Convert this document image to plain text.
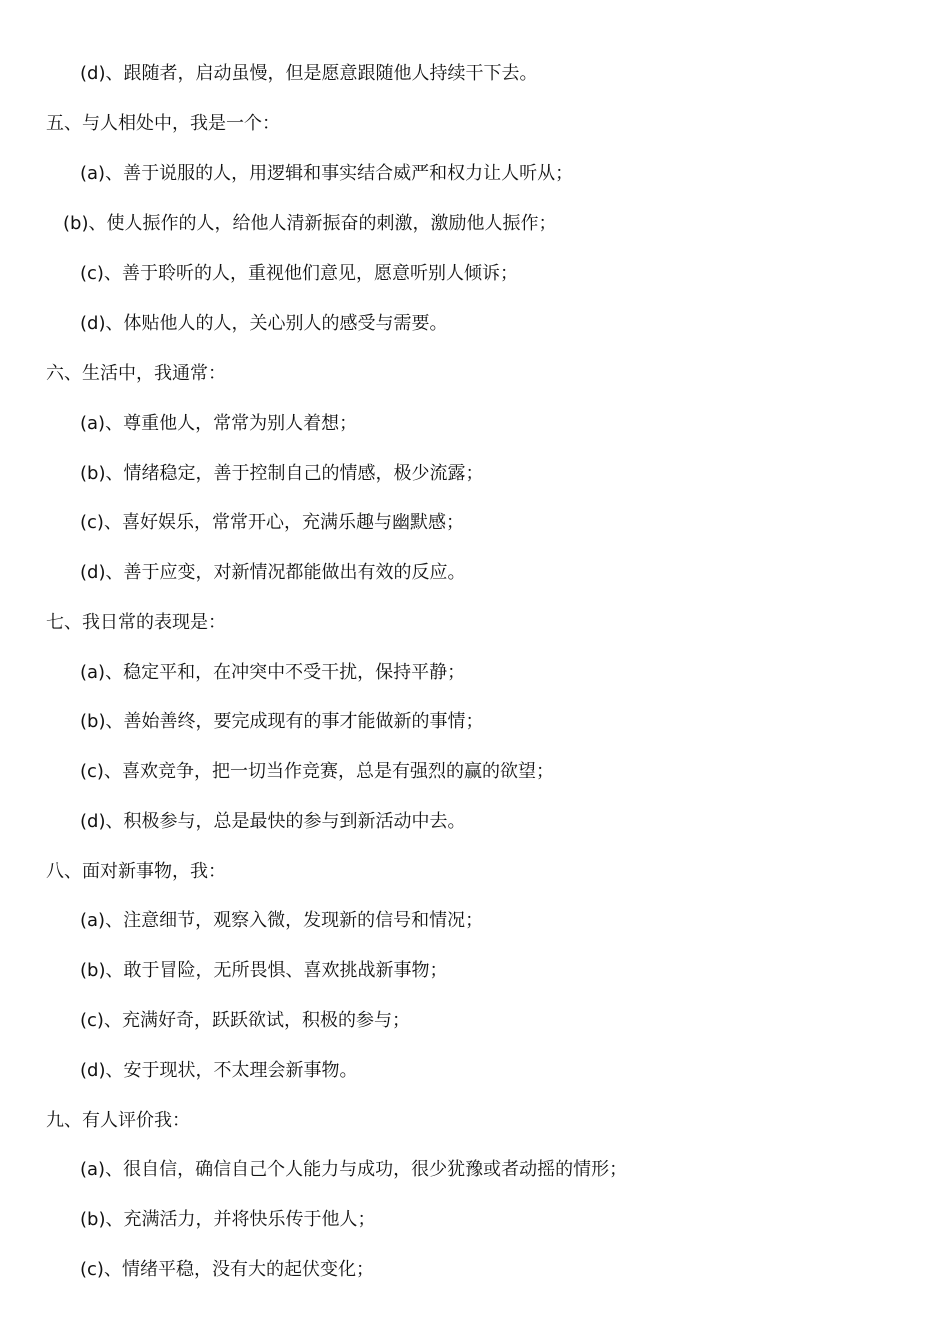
(d)、跟随者，启动虽慢，但是愿意跟随他人持续干下去。
五、与人相处中，我是一个：
(a)、善于说服的人，用逻辑和事实结合威严和权力让人听从；
(b)、使人振作的人，给他人清新振奋的刺激，激励他人振作；
(c)、善于聆听的人，重视他们意见，愿意听别人倾诉；
(d)、体贴他人的人，关心别人的感受与需要。
六、生活中，我通常：
(a)、尊重他人，常常为别人着想；
(b)、情绪稳定，善于控制自己的情感，极少流露；
(c)、喜好娱乐，常常开心，充满乐趣与幽默感；
(d)、善于应变，对新情况都能做出有效的反应。
七、我日常的表现是：
(a)、稳定平和，在冲突中不受干扰，保持平静；
(b)、善始善终，要完成现有的事才能做新的事情；
(c)、喜欢竞争，把一切当作竞赛，总是有强烈的赢的欲望；
(d)、积极参与，总是最快的参与到新活动中去。
八、面对新事物，我：
(a)、注意细节，观察入微，发现新的信号和情况；
(b)、敢于冒险，无所畏惧、喜欢挑战新事物；
(c)、充满好奇，跃跃欲试，积极的参与；
(d)、安于现状，不太理会新事物。
九、有人评价我：
(a)、很自信，确信自己个人能力与成功，很少犹豫或者动摇的情形；
(b)、充满活力，并将快乐传于他人；
(c)、情绪平稳，没有大的起伏变化；
